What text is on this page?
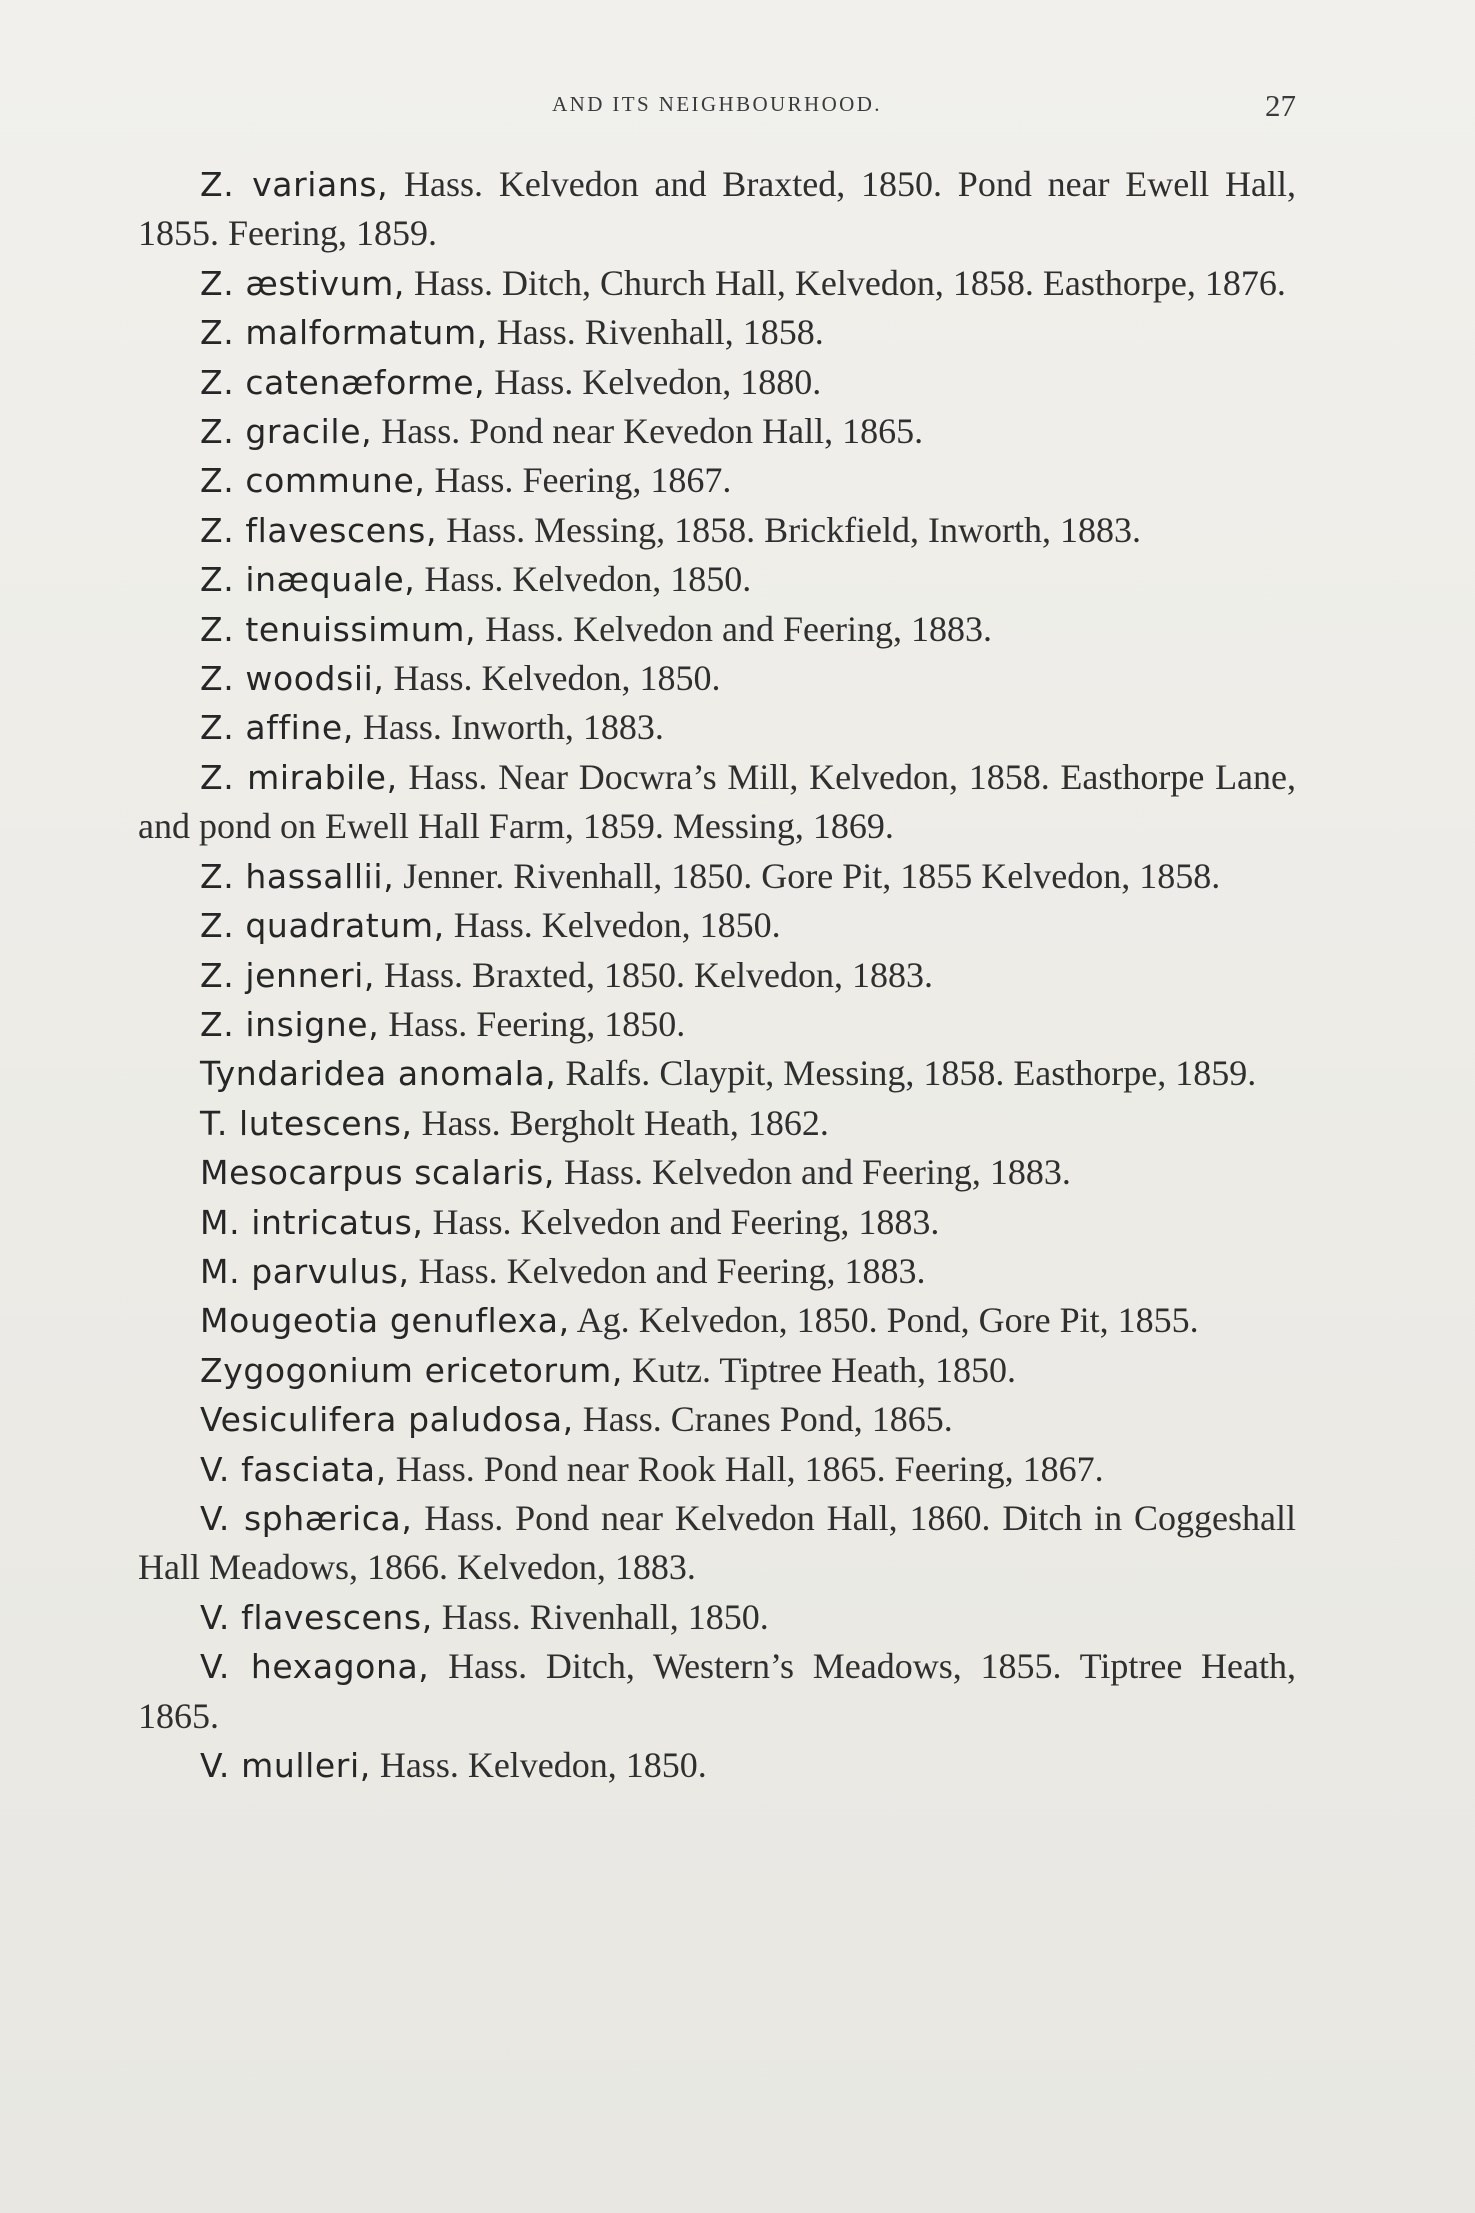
AND ITS NEIGHBOURHOOD.	27

Z. varians, Hass. Kelvedon and Braxted, 1850. Pond near Ewell Hall, 1855. Feering, 1859.

Z. æstivum, Hass. Ditch, Church Hall, Kelvedon, 1858. Easthorpe, 1876.

Z. malformatum, Hass. Rivenhall, 1858.

Z. catenæforme, Hass. Kelvedon, 1880.

Z. gracile, Hass. Pond near Kevedon Hall, 1865.

Z. commune, Hass. Feering, 1867.

Z. flavescens, Hass. Messing, 1858. Brickfield, Inworth, 1883.

Z. inæquale, Hass. Kelvedon, 1850.

Z. tenuissimum, Hass. Kelvedon and Feering, 1883.

Z. woodsii, Hass. Kelvedon, 1850.

Z. affine, Hass. Inworth, 1883.

Z. mirabile, Hass. Near Docwra’s Mill, Kelvedon, 1858. Easthorpe Lane, and pond on Ewell Hall Farm, 1859. Messing, 1869.

Z. hassallii, Jenner. Rivenhall, 1850. Gore Pit, 1855 Kelvedon, 1858.

Z. quadratum, Hass. Kelvedon, 1850.

Z. jenneri, Hass. Braxted, 1850. Kelvedon, 1883.

Z. insigne, Hass. Feering, 1850.

Tyndaridea anomala, Ralfs. Claypit, Messing, 1858. Easthorpe, 1859.

T. lutescens, Hass. Bergholt Heath, 1862.

Mesocarpus scalaris, Hass. Kelvedon and Feering, 1883.

M. intricatus, Hass. Kelvedon and Feering, 1883.

M. parvulus, Hass. Kelvedon and Feering, 1883.

Mougeotia genuflexa, Ag. Kelvedon, 1850. Pond, Gore Pit, 1855.

Zygogonium ericetorum, Kutz. Tiptree Heath, 1850.

Vesiculifera paludosa, Hass. Cranes Pond, 1865.

V. fasciata, Hass. Pond near Rook Hall, 1865. Feering, 1867.

V. sphærica, Hass. Pond near Kelvedon Hall, 1860. Ditch in Coggeshall Hall Meadows, 1866. Kelvedon, 1883.

V. flavescens, Hass. Rivenhall, 1850.

V. hexagona, Hass. Ditch, Western’s Meadows, 1855. Tiptree Heath, 1865.

V. mulleri, Hass. Kelvedon, 1850.
